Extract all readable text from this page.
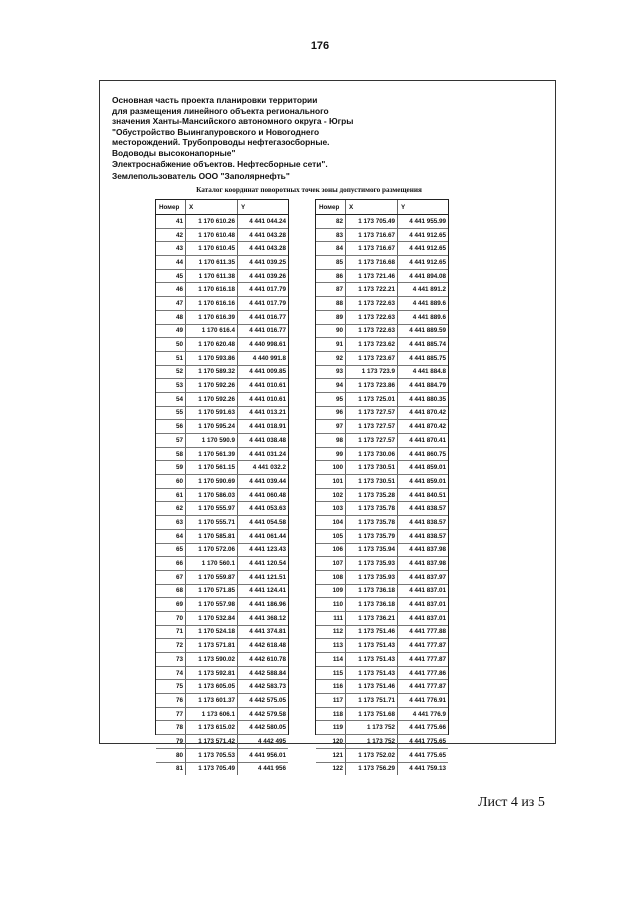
176
Основная часть проекта планировки территории
для размещения линейного объекта регионального
значения Ханты-Мансийского автономного округа - Югры
"Обустройство Выингапуровского и Новогоднего
месторождений. Трубопроводы нефтегазосборные.
Водоводы высоконапорные"
Электроснабжение объектов. Нефтесборные сети".
Землепользователь ООО "Заполярнефть"
Каталог координат поворотных точек зоны допустимого размещения
Номер	X	Y
41	1 170 610.26	4 441 044.24
42	1 170 610.48	4 441 043.28
43	1 170 610.45	4 441 043.28
44	1 170 611.35	4 441 039.25
45	1 170 611.38	4 441 039.26
46	1 170 616.18	4 441 017.79
47	1 170 616.16	4 441 017.79
48	1 170 616.39	4 441 016.77
49	1 170 616.4	4 441 016.77
50	1 170 620.48	4 440 998.61
51	1 170 593.86	4 440 991.8
52	1 170 589.32	4 441 009.85
53	1 170 592.26	4 441 010.61
54	1 170 592.26	4 441 010.61
55	1 170 591.63	4 441 013.21
56	1 170 595.24	4 441 018.91
57	1 170 590.9	4 441 038.48
58	1 170 561.39	4 441 031.24
59	1 170 561.15	4 441 032.2
60	1 170 590.69	4 441 039.44
61	1 170 586.03	4 441 060.48
62	1 170 555.97	4 441 053.63
63	1 170 555.71	4 441 054.58
64	1 170 585.81	4 441 061.44
65	1 170 572.06	4 441 123.43
66	1 170 560.1	4 441 120.54
67	1 170 559.87	4 441 121.51
68	1 170 571.85	4 441 124.41
69	1 170 557.98	4 441 186.96
70	1 170 532.84	4 441 368.12
71	1 170 524.18	4 441 374.81
72	1 173 571.81	4 442 618.48
73	1 173 590.02	4 442 610.78
74	1 173 592.81	4 442 588.84
75	1 173 605.05	4 442 583.73
76	1 173 601.37	4 442 575.05
77	1 173 606.1	4 442 579.58
78	1 173 615.02	4 442 580.05
79	1 173 571.42	4 442 495
80	1 173 705.53	4 441 956.01
81	1 173 705.49	4 441 956
Номер	X	Y
82	1 173 705.49	4 441 955.99
83	1 173 716.67	4 441 912.65
84	1 173 716.67	4 441 912.65
85	1 173 716.68	4 441 912.65
86	1 173 721.46	4 441 894.08
87	1 173 722.21	4 441 891.2
88	1 173 722.63	4 441 889.6
89	1 173 722.63	4 441 889.6
90	1 173 722.63	4 441 889.59
91	1 173 723.62	4 441 885.74
92	1 173 723.67	4 441 885.75
93	1 173 723.9	4 441 884.8
94	1 173 723.86	4 441 884.79
95	1 173 725.01	4 441 880.35
96	1 173 727.57	4 441 870.42
97	1 173 727.57	4 441 870.42
98	1 173 727.57	4 441 870.41
99	1 173 730.06	4 441 860.75
100	1 173 730.51	4 441 859.01
101	1 173 730.51	4 441 859.01
102	1 173 735.28	4 441 840.51
103	1 173 735.78	4 441 838.57
104	1 173 735.78	4 441 838.57
105	1 173 735.79	4 441 838.57
106	1 173 735.94	4 441 837.98
107	1 173 735.93	4 441 837.98
108	1 173 735.93	4 441 837.97
109	1 173 736.18	4 441 837.01
110	1 173 736.18	4 441 837.01
111	1 173 736.21	4 441 837.01
112	1 173 751.46	4 441 777.88
113	1 173 751.43	4 441 777.87
114	1 173 751.43	4 441 777.87
115	1 173 751.43	4 441 777.86
116	1 173 751.46	4 441 777.87
117	1 173 751.71	4 441 776.91
118	1 173 751.68	4 441 776.9
119	1 173 752	4 441 775.66
120	1 173 752	4 441 775.65
121	1 173 752.02	4 441 775.65
122	1 173 756.29	4 441 759.13
Лист 4 из 5
